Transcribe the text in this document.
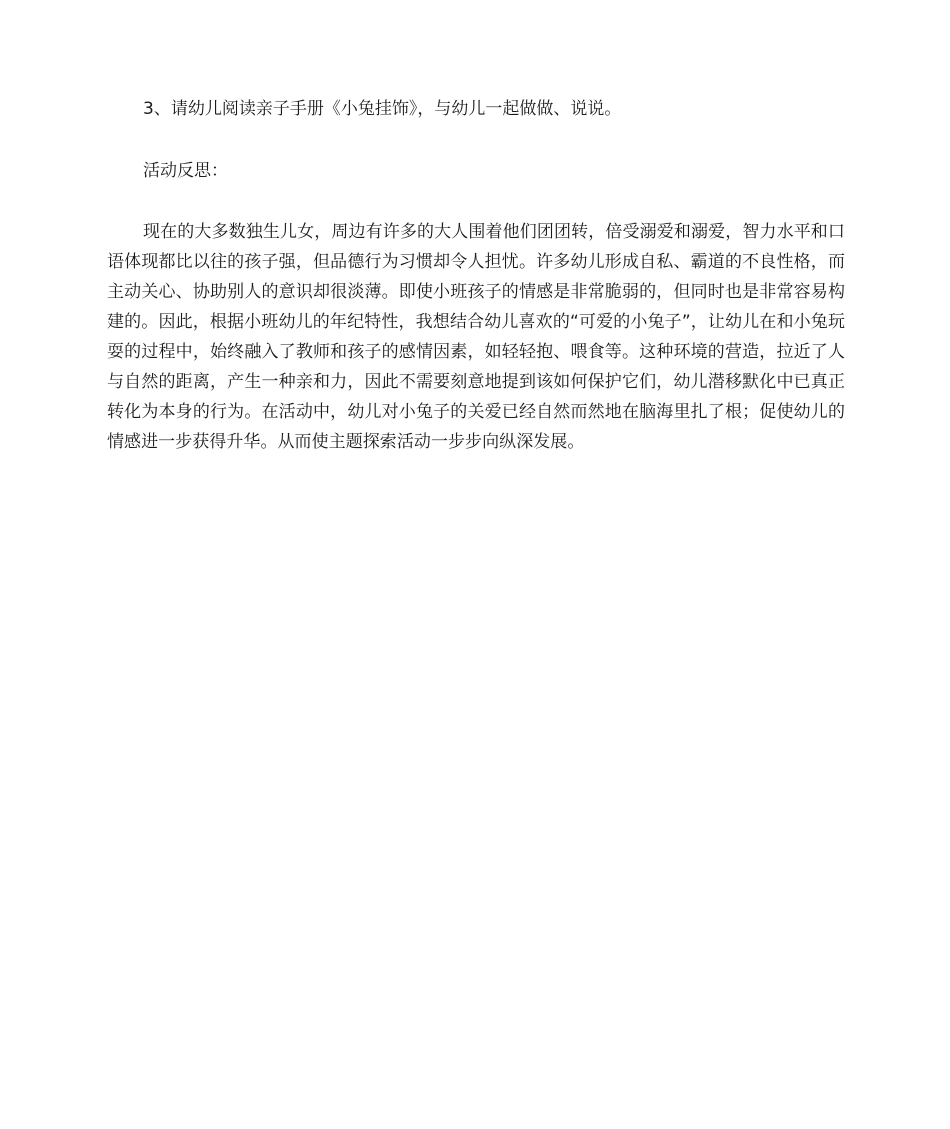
3、请幼儿阅读亲子手册《小兔挂饰》，与幼儿一起做做、说说。

活动反思：

现在的大多数独生儿女，周边有许多的大人围着他们团团转，倍受溺爱和溺爱，智力水平和口语体现都比以往的孩子强，但品德行为习惯却令人担忧。许多幼儿形成自私、霸道的不良性格，而主动关心、协助别人的意识却很淡薄。即使小班孩子的情感是非常脆弱的，但同时也是非常容易构建的。因此，根据小班幼儿的年纪特性，我想结合幼儿喜欢的“可爱的小兔子”，让幼儿在和小兔玩耍的过程中，始终融入了教师和孩子的感情因素，如轻轻抱、喂食等。这种环境的营造，拉近了人与自然的距离，产生一种亲和力，因此不需要刻意地提到该如何保护它们，幼儿潜移默化中已真正转化为本身的行为。在活动中，幼儿对小兔子的关爱已经自然而然地在脑海里扎了根；促使幼儿的情感进一步获得升华。从而使主题探索活动一步步向纵深发展。
